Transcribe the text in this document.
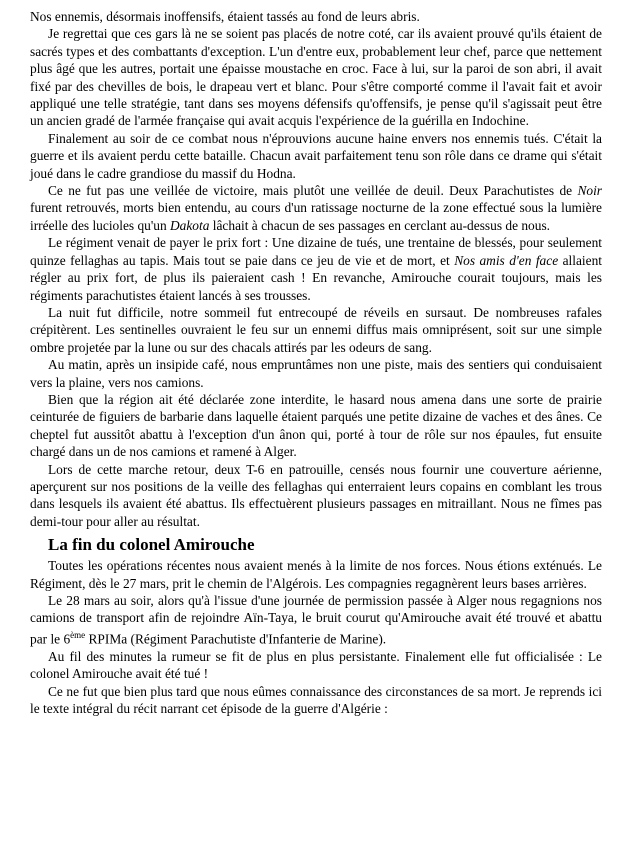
Nos ennemis, désormais inoffensifs, étaient tassés au fond de leurs abris.

Je regrettai que ces gars là ne se soient pas placés de notre coté, car ils avaient prouvé qu'ils étaient de sacrés types et des combattants d'exception. L'un d'entre eux, probablement leur chef, parce que nettement plus âgé que les autres, portait une épaisse moustache en croc. Face à lui, sur la paroi de son abri, il avait fixé par des chevilles de bois, le drapeau vert et blanc. Pour s'être comporté comme il l'avait fait et avoir appliqué une telle stratégie, tant dans ses moyens défensifs qu'offensifs, je pense qu'il s'agissait peut être un ancien gradé de l'armée française qui avait acquis l'expérience de la guérilla en Indochine.

Finalement au soir de ce combat nous n'éprouvions aucune haine envers nos ennemis tués. C'était la guerre et ils avaient perdu cette bataille. Chacun avait parfaitement tenu son rôle dans ce drame qui s'était joué dans le cadre grandiose du massif du Hodna.

Ce ne fut pas une veillée de victoire, mais plutôt une veillée de deuil. Deux Parachutistes de Noir furent retrouvés, morts bien entendu, au cours d'un ratissage nocturne de la zone effectué sous la lumière irréelle des lucioles qu'un Dakota lâchait à chacun de ses passages en cerclant au-dessus de nous.

Le régiment venait de payer le prix fort : Une dizaine de tués, une trentaine de blessés, pour seulement quinze fellaghas au tapis. Mais tout se paie dans ce jeu de vie et de mort, et Nos amis d'en face allaient régler au prix fort, de plus ils paieraient cash ! En revanche, Amirouche courait toujours, mais les régiments parachutistes étaient lancés à ses trousses.

La nuit fut difficile, notre sommeil fut entrecoupé de réveils en sursaut. De nombreuses rafales crépitèrent. Les sentinelles ouvraient le feu sur un ennemi diffus mais omniprésent, soit sur une simple ombre projetée par la lune ou sur des chacals attirés par les odeurs de sang.

Au matin, après un insipide café, nous empruntâmes non une piste, mais des sentiers qui conduisaient vers la plaine, vers nos camions.

Bien que la région ait été déclarée zone interdite, le hasard nous amena dans une sorte de prairie ceinturée de figuiers de barbarie dans laquelle étaient parqués une petite dizaine de vaches et des ânes. Ce cheptel fut aussitôt abattu à l'exception d'un ânon qui, porté à tour de rôle sur nos épaules, fut ensuite chargé dans un de nos camions et ramené à Alger.

Lors de cette marche retour, deux T-6 en patrouille, censés nous fournir une couverture aérienne, aperçurent sur nos positions de la veille des fellaghas qui enterraient leurs copains en comblant les trous dans lesquels ils avaient été abattus. Ils effectuèrent plusieurs passages en mitraillant. Nous ne fîmes pas demi-tour pour aller au résultat.

La fin du colonel Amirouche

Toutes les opérations récentes nous avaient menés à la limite de nos forces. Nous étions exténués. Le Régiment, dès le 27 mars, prit le chemin de l'Algérois. Les compagnies regagnèrent leurs bases arrières.

Le 28 mars au soir, alors qu'à l'issue d'une journée de permission passée à Alger nous regagnions nos camions de transport afin de rejoindre Aïn-Taya, le bruit courut qu'Amirouche avait été trouvé et abattu par le 6ème RPIMa (Régiment Parachutiste d'Infanterie de Marine).

Au fil des minutes la rumeur se fit de plus en plus persistante. Finalement elle fut officialisée : Le colonel Amirouche avait été tué !

Ce ne fut que bien plus tard que nous eûmes connaissance des circonstances de sa mort. Je reprends ici le texte intégral du récit narrant cet épisode de la guerre d'Algérie :
